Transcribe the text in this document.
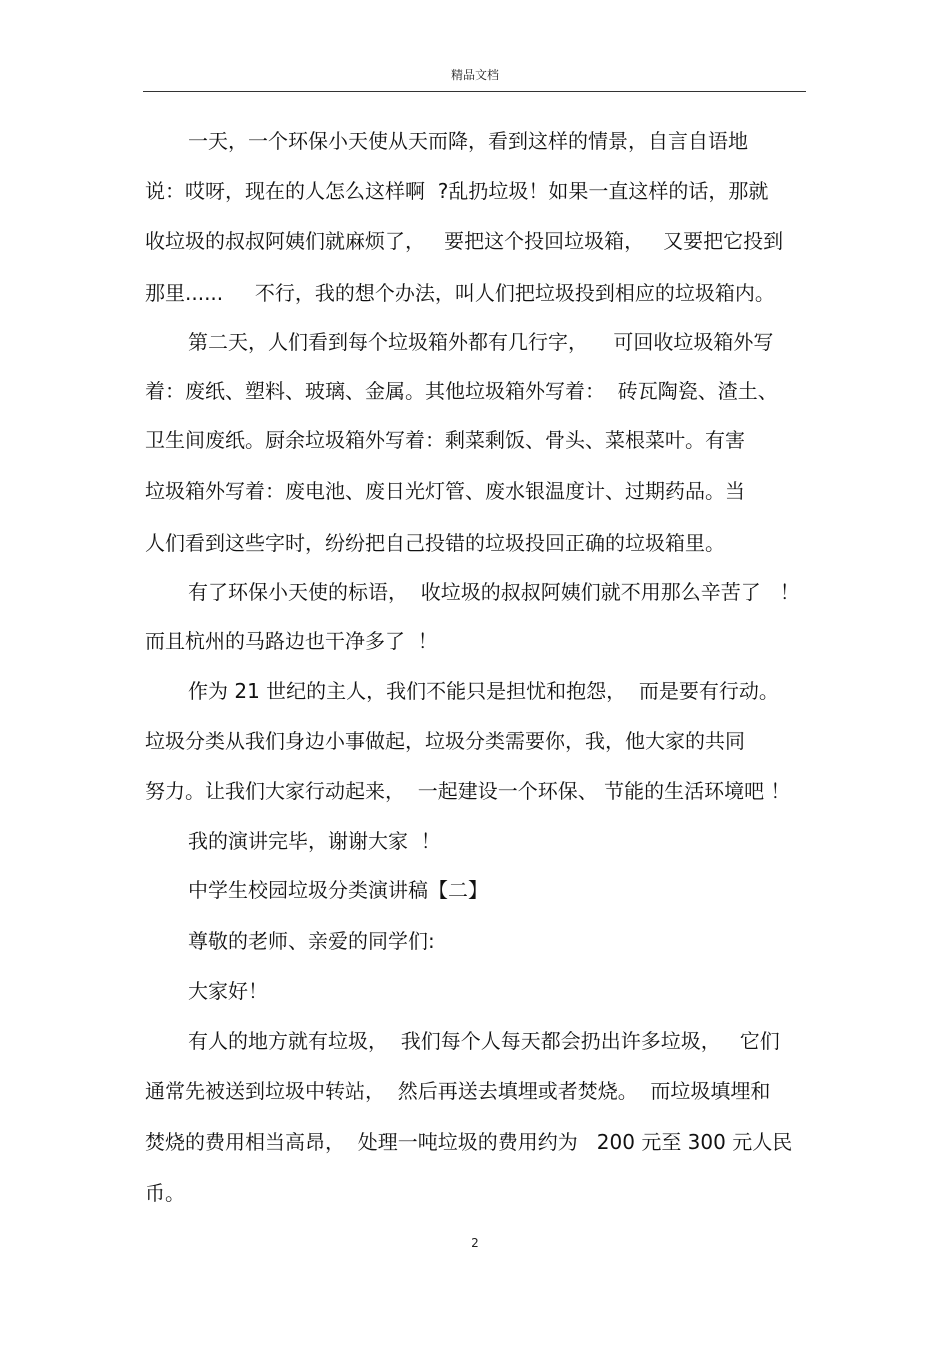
精品文档
一天，一个环保小天使从天而降，看到这样的情景，自言自语地
说：哎呀，现在的人怎么这样啊  ?乱扔垃圾！如果一直这样的话，那就
收垃圾的叔叔阿姨们就麻烦了，   要把这个投回垃圾箱，   又要把它投到
那里......     不行，我的想个办法，叫人们把垃圾投到相应的垃圾箱内。
第二天，人们看到每个垃圾箱外都有几行字，    可回收垃圾箱外写
着：废纸、塑料、玻璃、金属。其他垃圾箱外写着：  砖瓦陶瓷、渣土、
卫生间废纸。厨余垃圾箱外写着：剩菜剩饭、骨头、菜根菜叶。有害
垃圾箱外写着：废电池、废日光灯管、废水银温度计、过期药品。当
人们看到这些字时，纷纷把自己投错的垃圾投回正确的垃圾箱里。
有了环保小天使的标语，  收垃圾的叔叔阿姨们就不用那么辛苦了   ！
而且杭州的马路边也干净多了  ！
作为 21 世纪的主人，我们不能只是担忧和抱怨，  而是要有行动。
垃圾分类从我们身边小事做起，垃圾分类需要你，我，他大家的共同
努力。让我们大家行动起来，  一起建设一个环保、 节能的生活环境吧 ！
我的演讲完毕，谢谢大家  ！
中学生校园垃圾分类演讲稿【二】
尊敬的老师、亲爱的同学们:
大家好！
有人的地方就有垃圾，  我们每个人每天都会扔出许多垃圾，   它们
通常先被送到垃圾中转站，  然后再送去填埋或者焚烧。  而垃圾填埋和
焚烧的费用相当高昂，  处理一吨垃圾的费用约为   200 元至 300 元人民
币。
2
